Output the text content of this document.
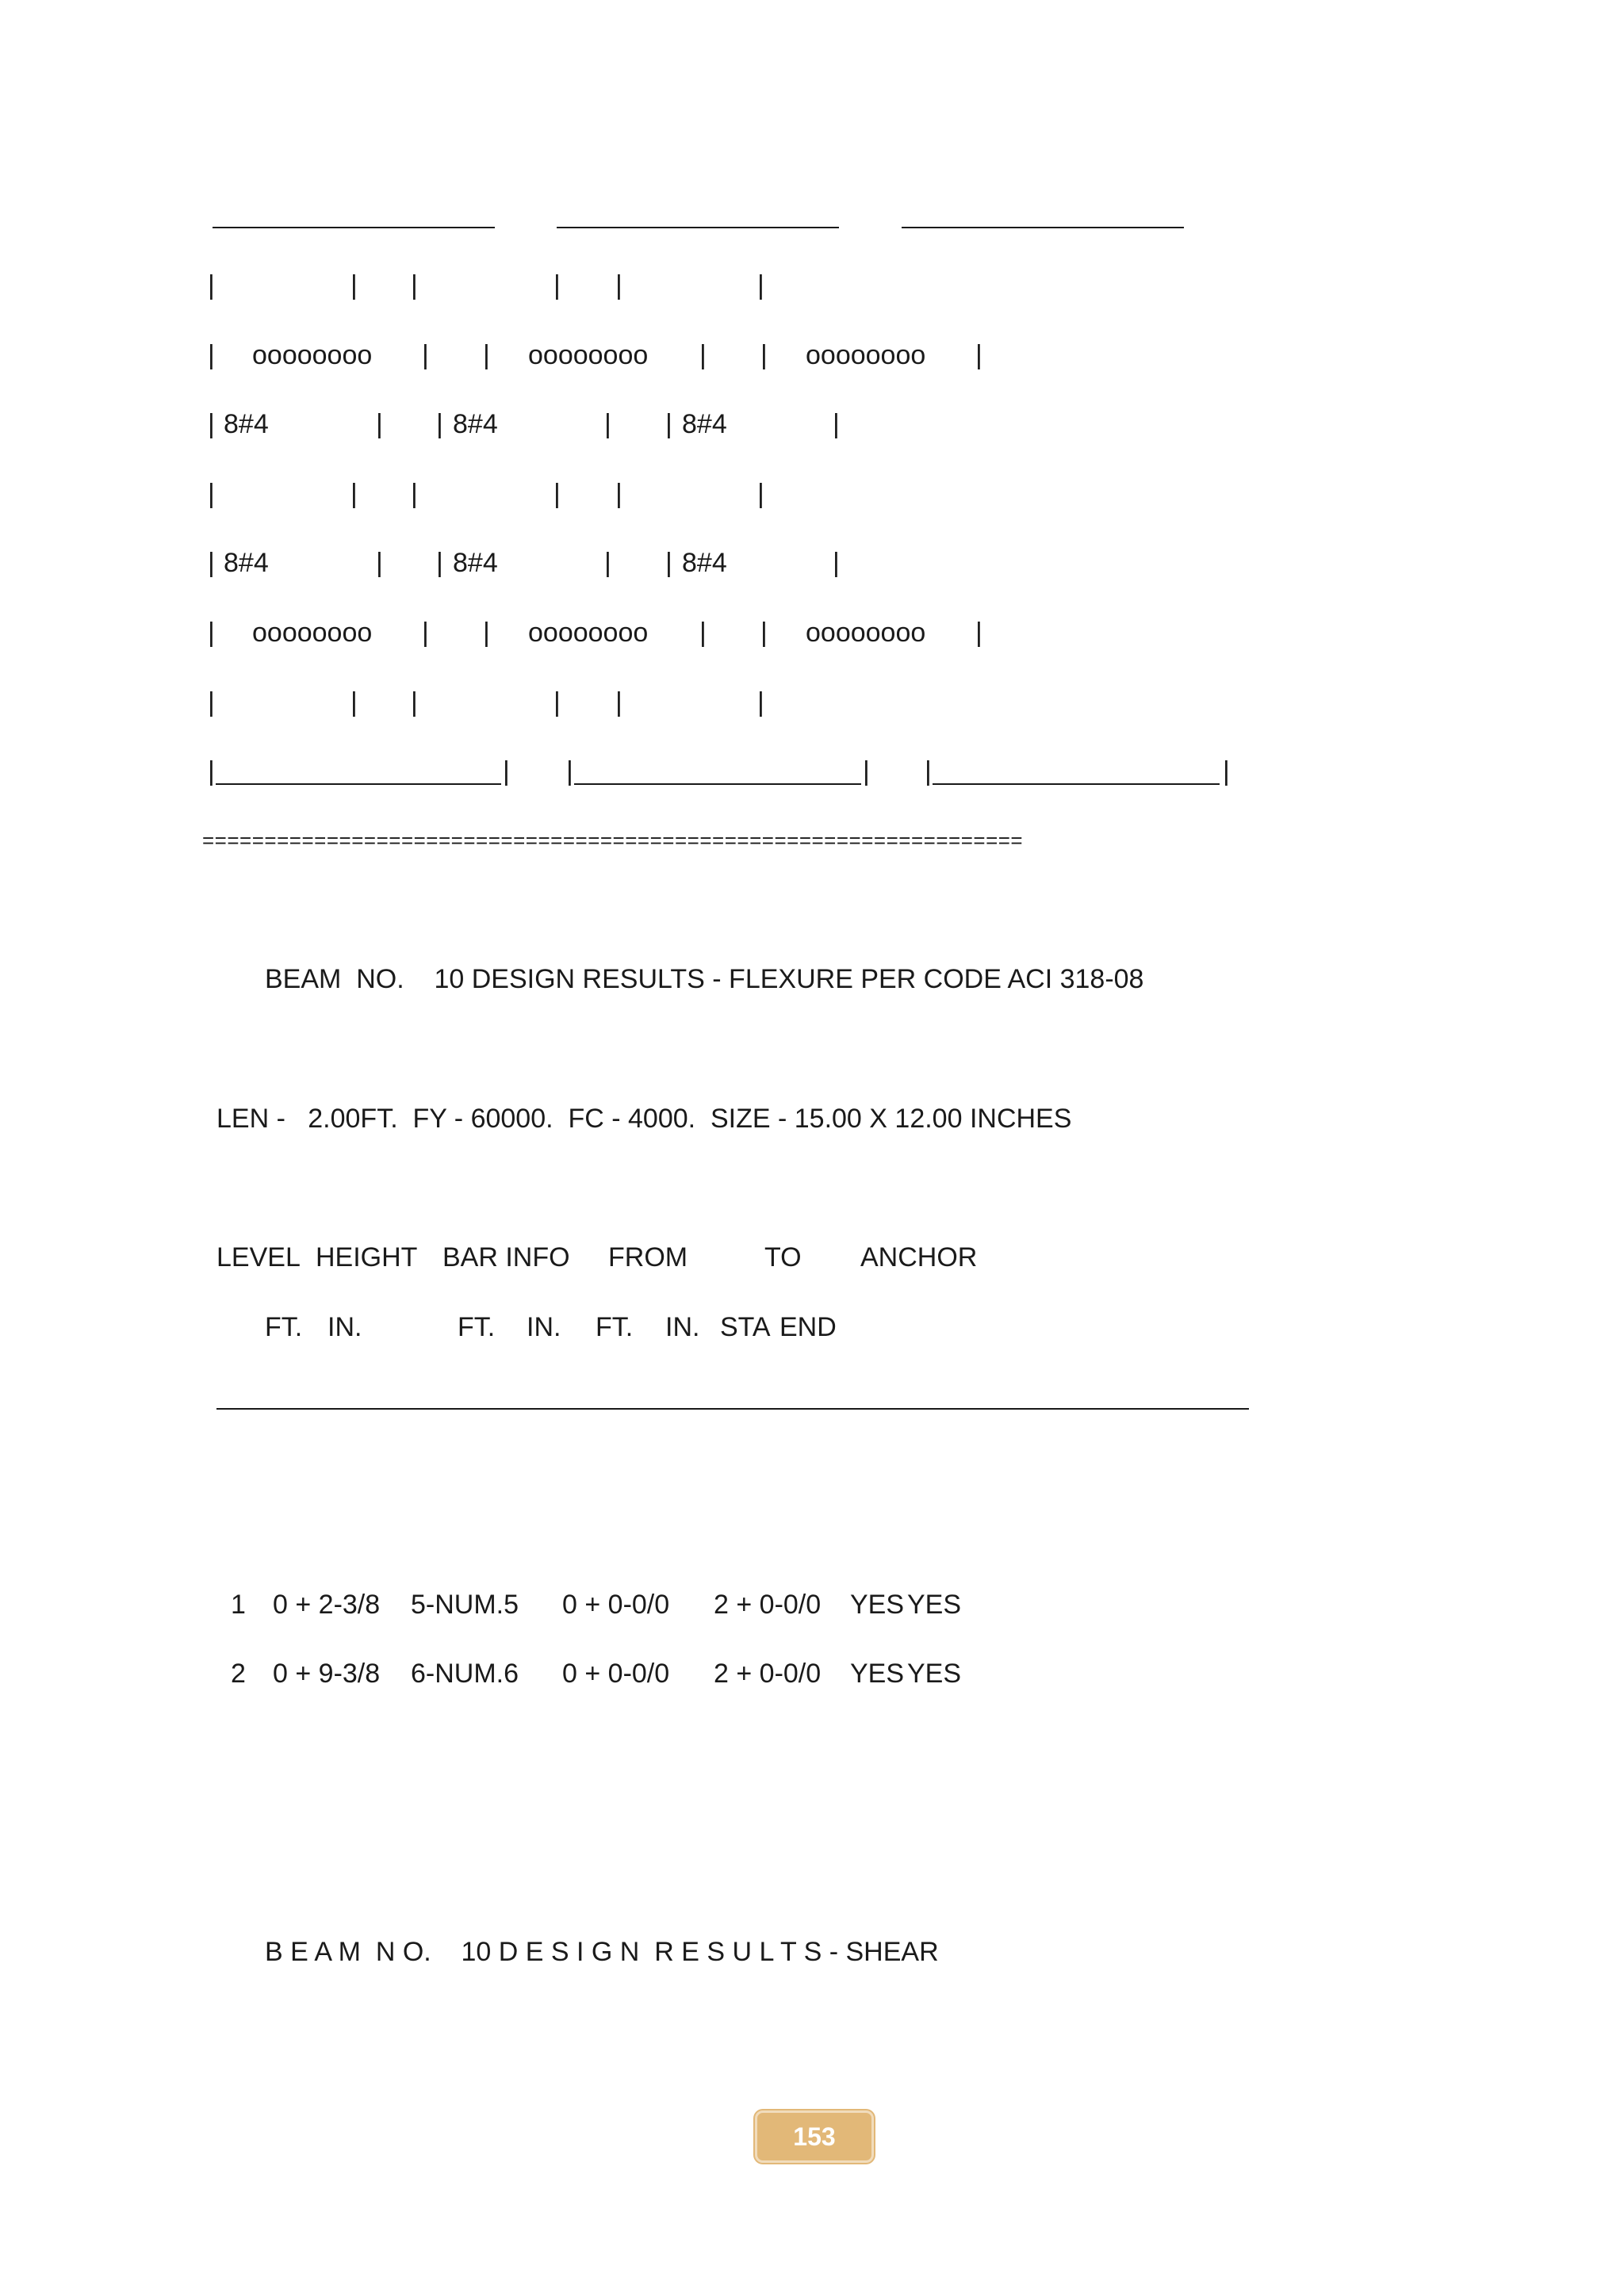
|	| |	| |	|
| oooooooo | | oooooooo | | oooooooo |
| 8#4	| | 8#4	| | 8#4	|
|	| |	| |	|
| 8#4	| | 8#4	| | 8#4	|
| oooooooo | | oooooooo | | oooooooo |
|	| |	| |	|
|	| |	| |	|
==================================================================
BEAM  NO.    10 DESIGN RESULTS - FLEXURE PER CODE ACI 318-08
LEN -   2.00FT.  FY - 60000.  FC - 4000.  SIZE - 15.00 X 12.00 INCHES
LEVEL HEIGHT BAR INFO FROM	TO ANCHOR
FT. IN.	FT. IN. FT. IN. STA END
1 0 + 2-3/8 5-NUM.5 0 + 0-0/0 2 + 0-0/0 YES YES
2 0 + 9-3/8 6-NUM.6 0 + 0-0/0 2 + 0-0/0 YES YES
B E A M  N O.    10 D E S I G N  R E S U L T S - SHEAR
153
